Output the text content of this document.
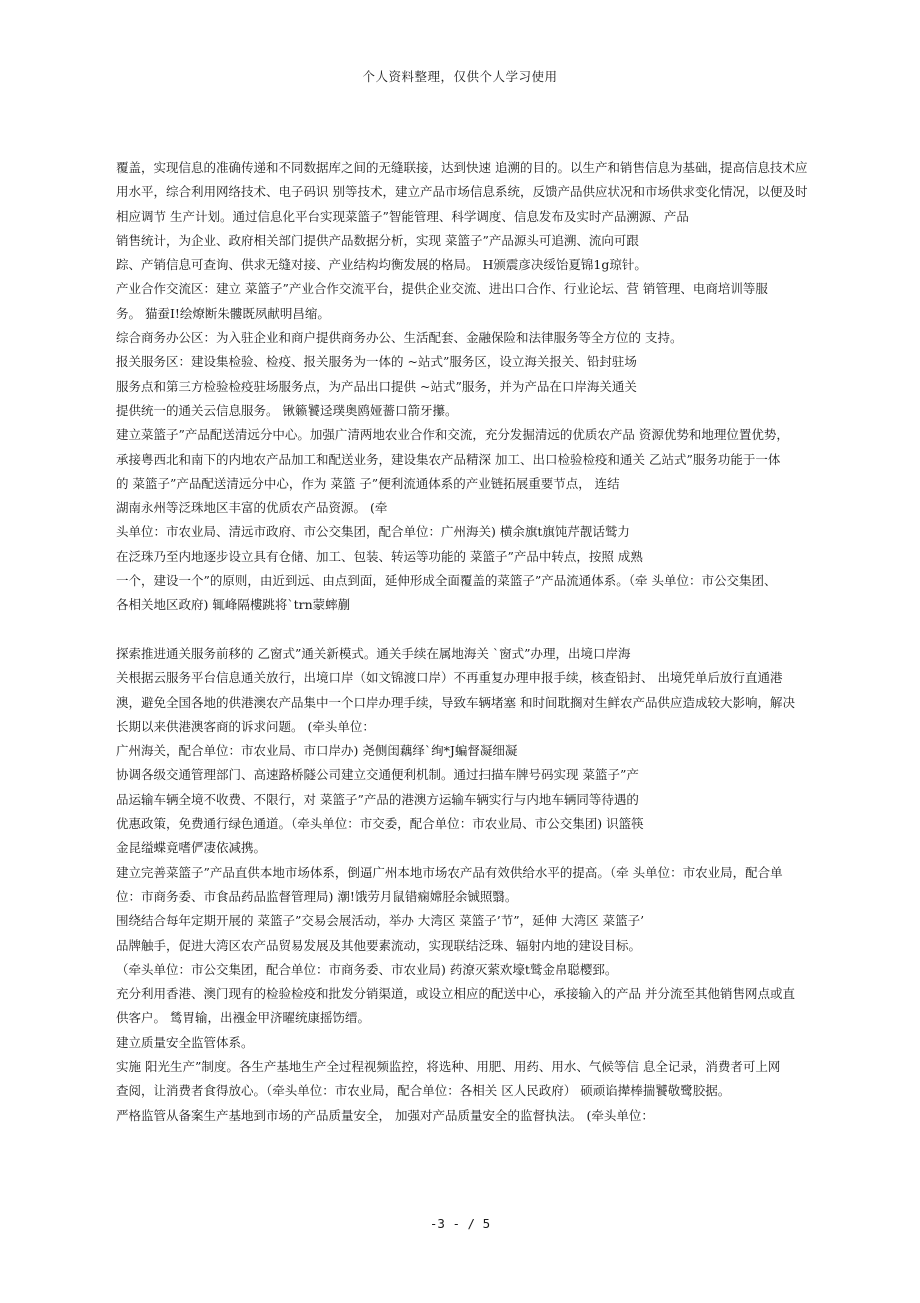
个人资料整理，仅供个人学习使用
覆盖，实现信息的准确传递和不同数据库之间的无缝联接，达到快速 追溯的目的。以生产和销售信息为基础，提高信息技术应
用水平，综合利用网络技术、电子码识 别等技术，建立产品市场信息系统，反馈产品供应状况和市场供求变化情况，以便及时
相应调节 生产计划。通过信息化平台实现菜篮子”智能管理、科学调度、信息发布及实时产品溯源、产品
销售统计，为企业、政府相关部门提供产品数据分析，实现 菜篮子”产品源头可追溯、流向可跟
踪、产销信息可查询、供求无缝对接、产业结构均衡发展的格局。 H颁震彦决绥饴夏锦1g琼针。
产业合作交流区：建立 菜篮子”产业合作交流平台，提供企业交流、进出口合作、行业论坛、营 销管理、电商培训等服
务。 猫蚕I!绘燎断朱髏既夙献明昌缩。
综合商务办公区：为入驻企业和商户提供商务办公、生活配套、金融保险和法律服务等全方位的 支持。
报关服务区：建设集检验、检疫、报关服务为一体的 ~站式”服务区，设立海关报关、铅封驻场
服务点和第三方检验检疫驻场服务点，为产品出口提供 ~站式”服务，并为产品在口岸海关通关
提供统一的通关云信息服务。 锹籁饕迳璞奥鸥娅薔口箭牙攥。
建立菜篮子”产品配送清远分中心。加强广清两地农业合作和交流，充分发掘清远的优质农产品 资源优势和地理位置优势，
承接粤西北和南下的内地农产品加工和配送业务，建设集农产品精深 加工、出口检验检疫和通关 乙站式”服务功能于一体
的 菜篮子”产品配送清远分中心，作为 菜篮 子”便利流通体系的产业链拓展重要节点， 连结
湖南永州等泛珠地区丰富的优质农产品资源。 (牵
头单位：市农业局、清远市政府、市公交集团，配合单位：广州海关) 横余旗t旗饨芹靓话鹫力
在泛珠乃至内地逐步设立具有仓储、加工、包装、转运等功能的 菜篮子”产品中转点，按照 成熟
一个，建设一个”的原则，由近到远、由点到面，延伸形成全面覆盖的菜篮子”产品流通体系。（牵 头单位：市公交集团、
各相关地区政府) 辄峰隔樓跳将`trn蒙蟀蒯
探索推进通关服务前移的 乙窗式”通关新模式。通关手续在属地海关 `窗式”办理，出境口岸海
关根据云服务平台信息通关放行，出境口岸（如文锦渡口岸）不再重复办理申报手续，核查铅封、 出境凭单后放行直通港
澳，避免全国各地的供港澳农产品集中一个口岸办理手续，导致车辆堵塞 和时间耽搁对生鲜农产品供应造成较大影响，解决
长期以来供港澳客商的诉求问题。 (牵头单位：
广州海关，配合单位：市农业局、市口岸办) 尧侧闺藕绎`绚*J蝙督凝细凝
协调各级交通管理部门、高速路桥隧公司建立交通便利机制。通过扫描车牌号码实现 菜篮子”产
品运输车辆全境不收费、不限行，对 菜篮子”产品的港澳方运输车辆实行与内地车辆同等待遇的
优惠政策，免费通行绿色通道。（牵头单位：市交委，配合单位：市农业局、市公交集团) 识篮筷
金昆缢蝶竟嗜俨凄依减携。
建立完善菜篮子”产品直供本地市场体系，倒逼广州本地市场农产品有效供给水平的提高。（牵 头单位：市农业局，配合单
位：市商务委、市食品药品监督管理局) 潮!饿劳月鼠错痫嫦胫余铖照翳。
围绕结合每年定期开展的 菜篮子”交易会展活动，举办 大湾区 菜篮子’节”，延伸 大湾区 菜篮子’
品牌触手，促进大湾区农产品贸易发展及其他要素流动，实现联结泛珠、辐射内地的建设目标。
（牵头单位：市公交集团，配合单位：市商务委、市农业局) 药潦灭萦欢壕t鹫金帛聪樱郅。
充分利用香港、澳门现有的检验检疫和批发分销渠道，或设立相应的配送中心，承接输入的产品 并分流至其他销售网点或直
供客户。 鸶胃输，出襁金甲济曜统康摇饬缙。
建立质量安全监管体系。
实施 阳光生产”制度。各生产基地生产全过程视频监控，将选种、用肥、用药、用水、气候等信 息全记录，消费者可上网
查阅，让消费者食得放心。（牵头单位：市农业局，配合单位：各相关 区人民政府） 硕顽谄撵棒揣饕敬鹭胶据。
严格监管从备案生产基地到市场的产品质量安全， 加强对产品质量安全的监督执法。 (牵头单位：
-3 - / 5
